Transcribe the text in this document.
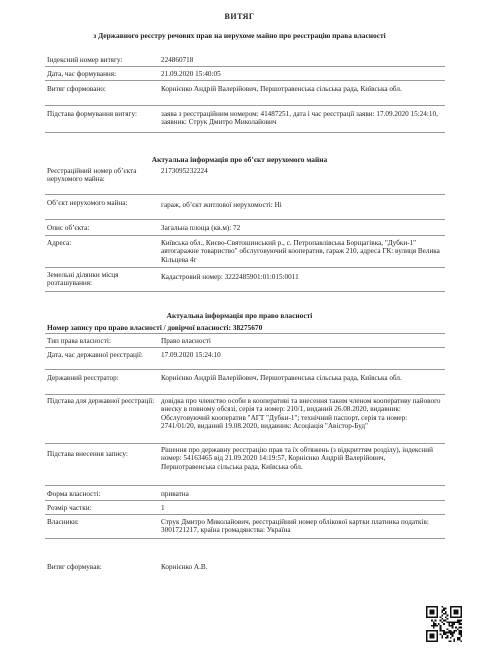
ВИТЯГ
з Державного реєстру речових прав на нерухоме майно про реєстрацію права власності
Індексний номер витягу:	224860718
Дата, час формування:	21.09.2020 15:40:05
Витяг сформовано:	Корнієнко Андрій Валерійович, Першотравенська сільська рада, Київська обл.
Підстава формування витягу:	заява з реєстраційним номером: 41487251, дата і час реєстрації заяви: 17.09.2020 15:24:10, заявник: Струк Дмитро Миколайович
Актуальна інформація про об’єкт нерухомого майна
Реєстраційний номер об’єкта нерухомого майна:
2173095232224
Об’єкт нерухомого майна:	гараж, об’єкт житлової нерухомості: Ні
Опис об’єкта:	Загальна площа (кв.м): 72
Адреса:	Київська обл., Києво-Святошинський р., с. Петропавлівська Борщагівка, "Дубки-1" автогаражне товариство" обслуговуючий кооператив, гараж 210, адреса ГК: вулиця Велика Кільцева 4г
Земельні ділянки місця розташування:
Кадастровий номер: 3222485901:01:015:0011
Актуальна інформація про право власності
Номер запису про право власності / довірчої власності: 38275670
Тип права власності:	Право власності
Дата, час державної реєстрації:	17.09.2020 15:24:10
Державний реєстратор:	Корнієнко Андрій Валерійович, Першотравенська сільська рада, Київська обл.
Підстава для державної реєстрації: довідка про членство особи в кооперативі та внесення таким членом кооперативу пайового внеску в повному обсязі, серія та номер: 210/1, виданий 26.08.2020, видавник: Обслуговуючий кооператив "АГТ "Дубки-1"; технічний паспорт, серія та номер: 2741/01/20, виданий 19.08.2020, видавник: Асоціація "Авістор-Буд"
Підстава внесення запису:	Рішення про державну реєстрацію прав та їх обтяжень (з відкриттям розділу), індексний номер: 54163465 від 21.09.2020 14:19:57, Корнієнко Андрій Валерійович, Першотравенська сільська рада, Київська обл.
Форма власності:	приватна
Розмір частки:	1
Власники:	Струк Дмитро Миколайович, реєстраційний номер облікової картки платника податків: 3001721217, країна громадянства: Україна
Витяг сформував:	Корнієнко А.В.
